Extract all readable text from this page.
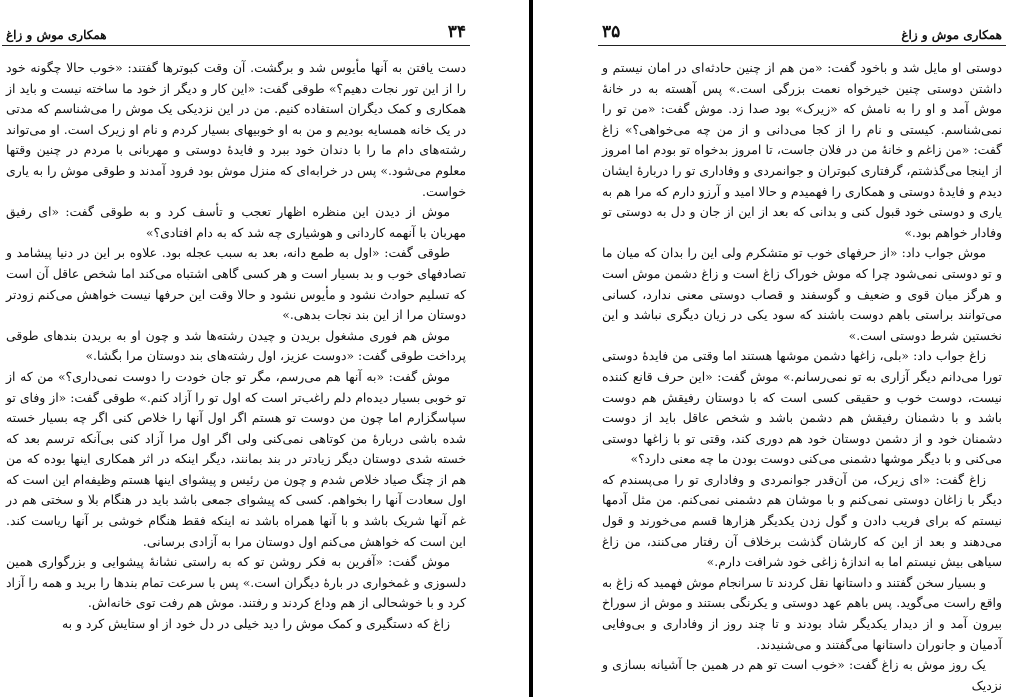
۳۴
همکاری موش و زاغ

دست یافتن به آنها مأیوس شد و برگشت. آن وقت کبوترها گفتند: «خوب حالا چگونه خود را از این تور نجات دهیم؟» طوقی گفت: «این کار و دیگر از خود ما ساخته نیست و باید از همکاری و کمک دیگران استفاده کنیم. من در این نزدیکی یک موش را می‌شناسم که مدتی در یک خانه همسایه بودیم و من به او خوبیهای بسیار کردم و نام او زیرک است. او می‌تواند رشته‌های دام ما را با دندان خود ببرد و فایدهٔ دوستی و مهربانی با مردم در چنین وقتها معلوم می‌شود.» پس در خرابه‌ای که منزل موش بود فرود آمدند و طوقی موش را به یاری خواست.

موش از دیدن این منظره اظهار تعجب و تأسف کرد و به طوقی گفت: «ای رفیق مهربان با آنهمه کاردانی و هوشیاری چه شد که به دام افتادی؟»

طوقی گفت: «اول به طمع دانه، بعد به سبب عجله بود. علاوه بر این در دنیا پیشامد و تصادفهای خوب و بد بسیار است و هر کسی گاهی اشتباه می‌کند اما شخص عاقل آن است که تسلیم حوادث نشود و مأیوس نشود و حالا وقت این حرفها نیست خواهش می‌کنم زودتر دوستان مرا از این بند نجات بدهی.»

موش هم فوری مشغول بریدن و چیدن رشته‌ها شد و چون او به بریدن بندهای طوقی پرداخت طوقی گفت: «دوست عزیز، اول رشته‌های بند دوستان مرا بگشا.»

موش گفت: «به آنها هم می‌رسم، مگر تو جان خودت را دوست نمی‌داری؟» من که از تو خوبی بسیار دیده‌ام دلم راغب‌تر است که اول تو را آزاد کنم.» طوقی گفت: «از وفای تو سپاسگزارم اما چون من دوست تو هستم اگر اول آنها را خلاص کنی اگر چه بسیار خسته شده باشی دربارهٔ من کوتاهی نمی‌کنی ولی اگر اول مرا آزاد کنی بی‌آنکه ترسم بعد که خسته شدی دوستان دیگر زیادتر در بند بمانند، دیگر اینکه در اثر همکاری اینها بوده که من هم از چنگ صیاد خلاص شدم و چون من رئیس و پیشوای اینها هستم وظیفه‌ام این است که اول سعادت آنها را بخواهم. کسی که پیشوای جمعی باشد باید در هنگام بلا و سختی هم در غم آنها شریک باشد و با آنها همراه باشد نه اینکه فقط هنگام خوشی بر آنها ریاست کند. این است که خواهش می‌کنم اول دوستان مرا به آزادی برسانی.

موش گفت: «آفرین به فکر روشن تو که به راستی نشانهٔ پیشوایی و بزرگواری همین دلسوزی و غمخواری در بارهٔ دیگران است.» پس با سرعت تمام بندها را برید و همه را آزاد کرد و با خوشحالی از هم وداع کردند و رفتند. موش هم رفت توی خانه‌اش.

زاغ که دستگیری و کمک موش را دید خیلی در دل خود از او ستایش کرد و به

همکاری موش و زاغ
۳۵

دوستی او مایل شد و باخود گفت: «من هم از چنین حادثه‌ای در امان نیستم و داشتن دوستی چنین خیرخواه نعمت بزرگی است.» پس آهسته به در خانهٔ موش آمد و او را به نامش که «زیرک» بود صدا زد. موش گفت: «من تو را نمی‌شناسم. کیستی و نام را از کجا می‌دانی و از من چه می‌خواهی؟» زاغ گفت: «من زاغم و خانهٔ من در فلان جاست، تا امروز بدخواه تو بودم اما امروز از اینجا می‌گذشتم، گرفتاری کبوتران و جوانمردی و وفاداری تو را دربارهٔ ایشان دیدم و فایدهٔ دوستی و همکاری را فهمیدم و حالا امید و آرزو دارم که مرا هم به یاری و دوستی خود قبول کنی و بدانی که بعد از این از جان و دل به دوستی تو وفادار خواهم بود.»

موش جواب داد: «از حرفهای خوب تو متشکرم ولی این را بدان که میان ما و تو دوستی نمی‌شود چرا که موش خوراک زاغ است و زاغ دشمن موش است و هرگز میان قوی و ضعیف و گوسفند و قصاب دوستی معنی ندارد، کسانی می‌توانند براستی باهم دوست باشند که سود یکی در زیان دیگری نباشد و این نخستین شرط دوستی است.»

زاغ جواب داد: «بلی، زاغها دشمن موشها هستند اما وقتی من فایدهٔ دوستی تورا می‌دانم دیگر آزاری به تو نمی‌رسانم.» موش گفت: «این حرف قانع کننده نیست، دوست خوب و حقیقی کسی است که با دوستان رفیقش هم دوست باشد و با دشمنان رفیقش هم دشمن باشد و شخص عاقل باید از دوست دشمنان خود و از دشمن دوستان خود هم دوری کند، وقتی تو با زاغها دوستی می‌کنی و با دیگر موشها دشمنی می‌کنی دوست بودن ما چه معنی دارد؟»

زاغ گفت: «ای زیرک، من آن‌قدر جوانمردی و وفاداری تو را می‌پسندم که دیگر با زاغان دوستی نمی‌کنم و با موشان هم دشمنی نمی‌کنم. من مثل آدمها نیستم که برای فریب دادن و گول زدن یکدیگر هزارها قسم می‌خورند و قول می‌دهند و بعد از این که کارشان گذشت برخلاف آن رفتار می‌کنند، من زاغ سیاهی بیش نیستم اما به اندازهٔ زاغی خود شرافت دارم.»

و بسیار سخن گفتند و داستانها نقل کردند تا سرانجام موش فهمید که زاغ به واقع راست می‌گوید. پس باهم عهد دوستی و یکرنگی بستند و موش از سوراخ بیرون آمد و از دیدار یکدیگر شاد بودند و تا چند روز از وفاداری و بی‌وفایی آدمیان و جانوران داستانها می‌گفتند و می‌شنیدند.

یک روز موش به زاغ گفت: «خوب است تو هم در همین جا آشیانه بسازی و نزدیک
